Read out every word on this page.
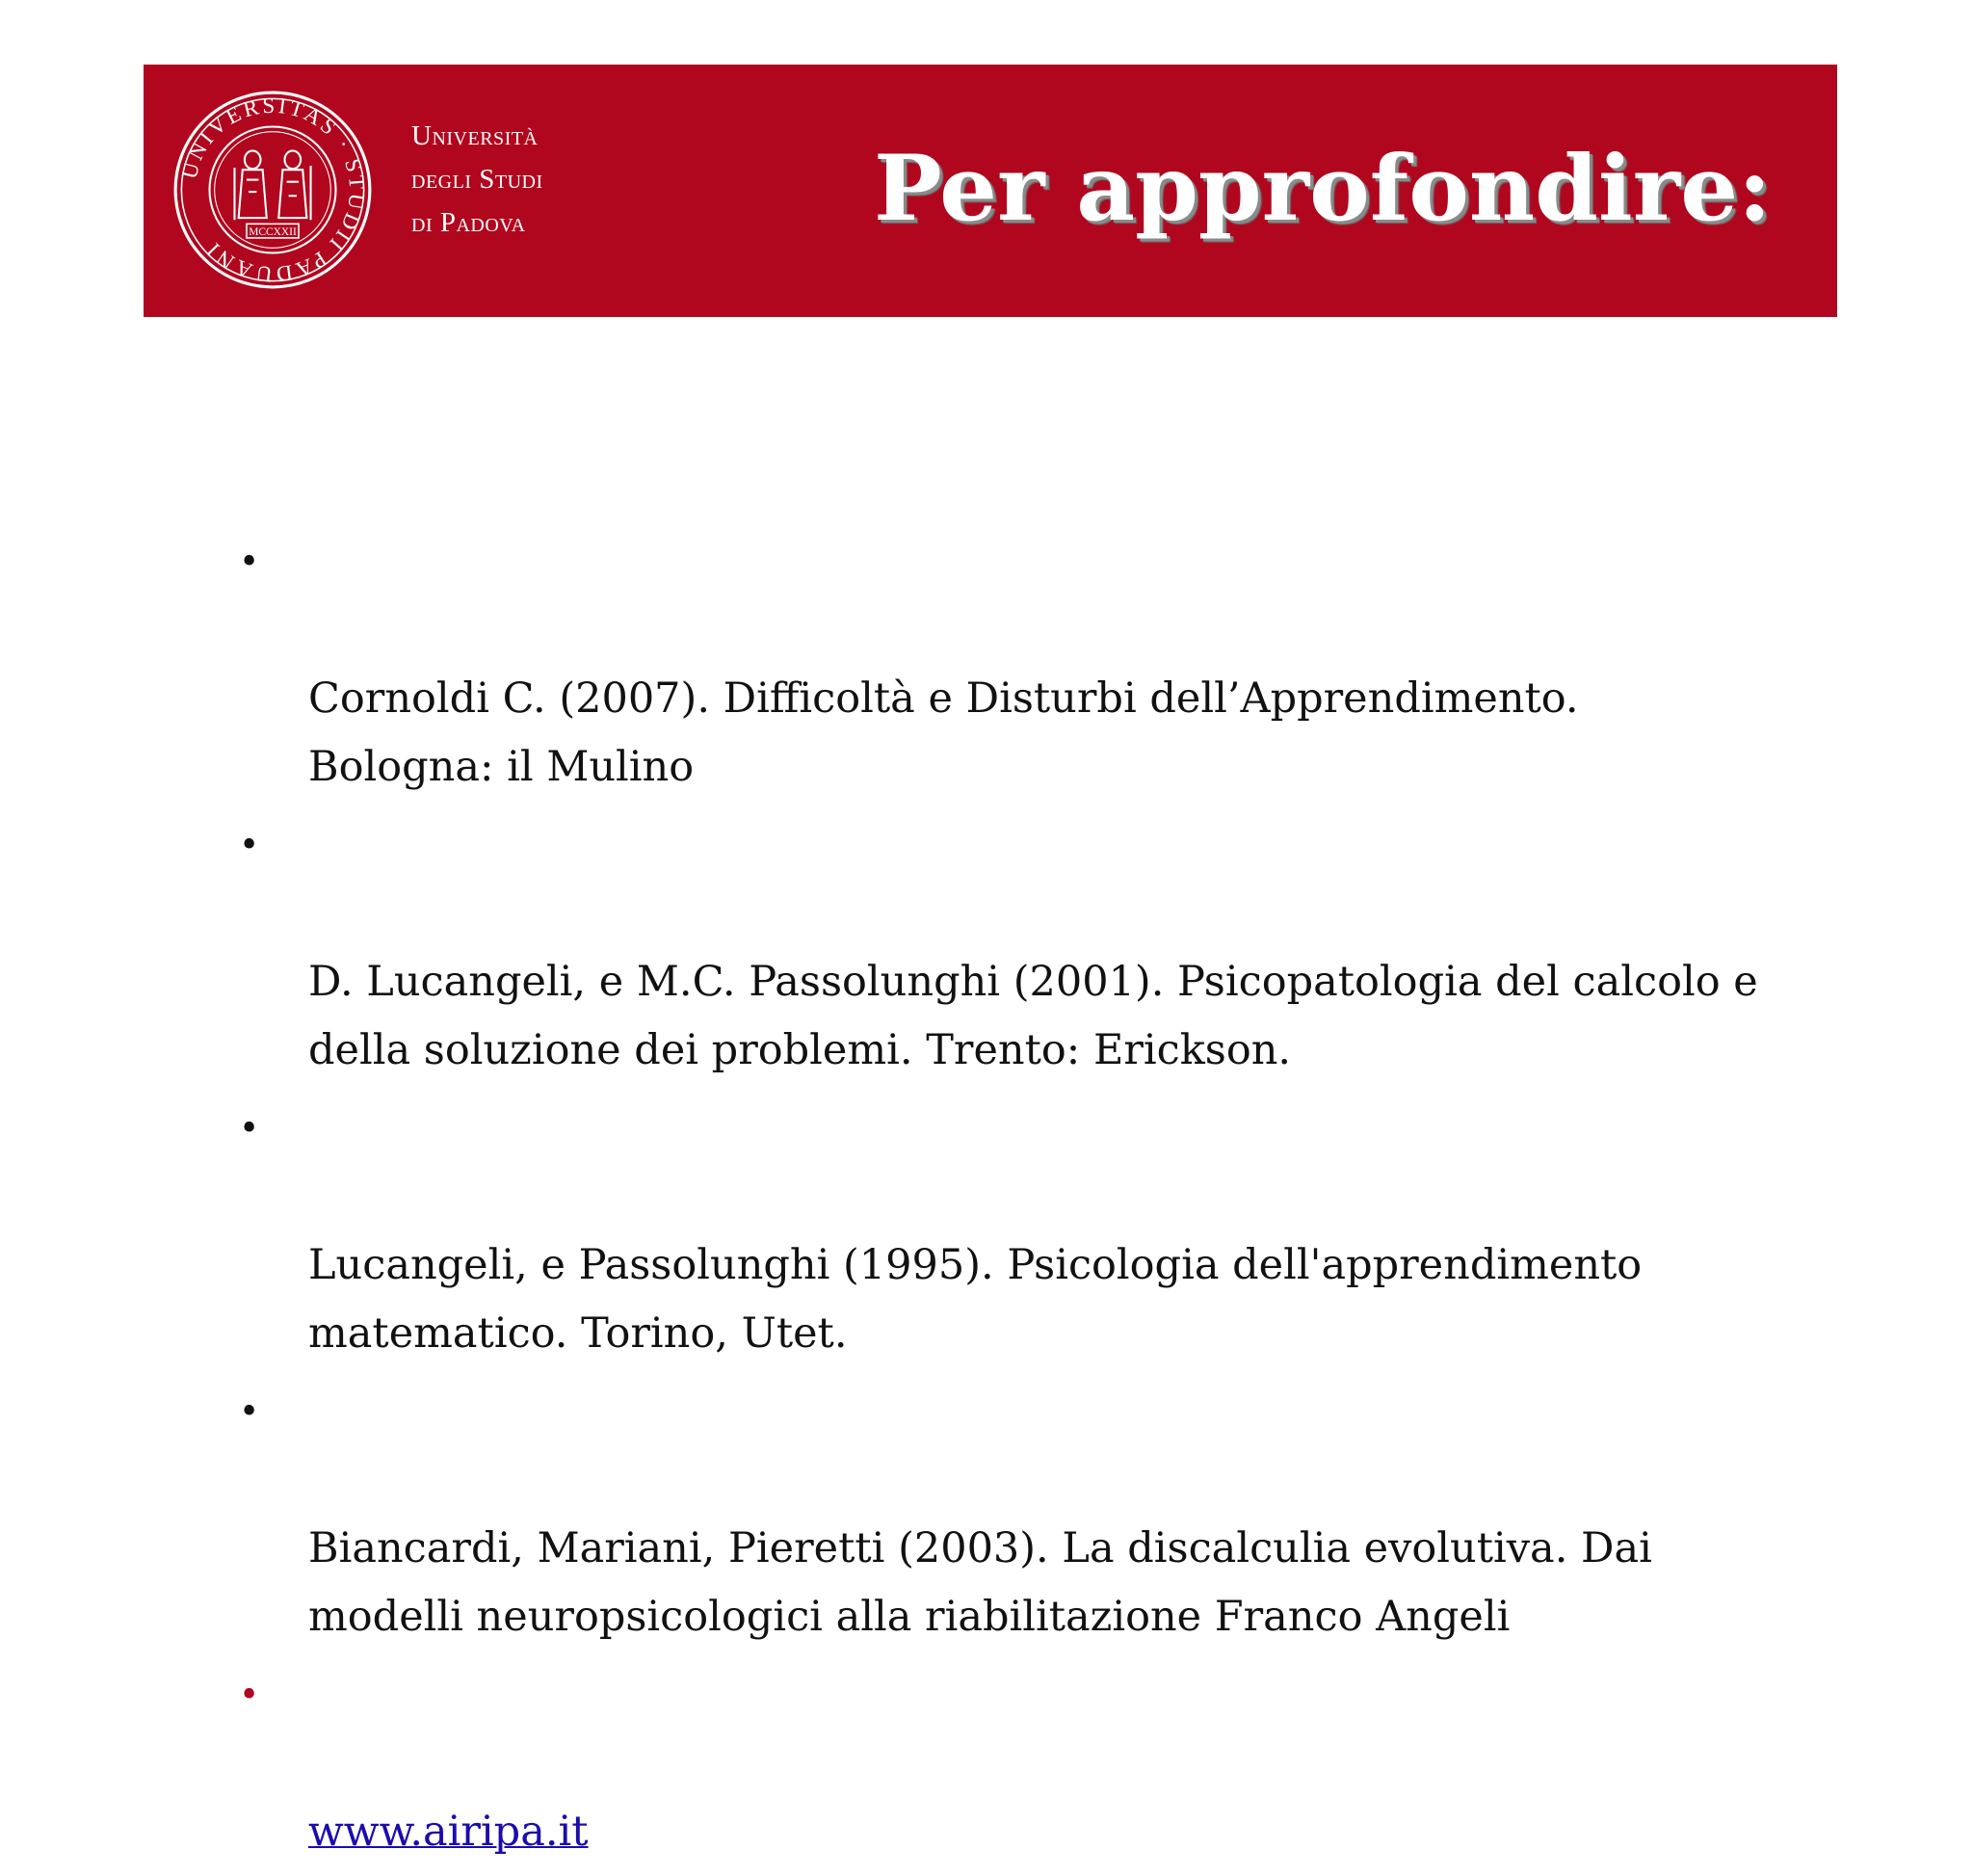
UNIVERSITAS · STUDII PADUANI
MCCXXII
Università
degli Studi
di Padova	Per approfondire:

•

Cornoldi C. (2007). Difficoltà e Disturbi dell’Apprendimento.
Bologna: il Mulino

•

D. Lucangeli, e M.C. Passolunghi (2001). Psicopatologia del calcolo e
della soluzione dei problemi. Trento: Erickson.

•

Lucangeli, e Passolunghi (1995). Psicologia dell'apprendimento
matematico. Torino, Utet.

•

Biancardi, Mariani, Pieretti (2003). La discalculia evolutiva. Dai
modelli neuropsicologici alla riabilitazione Franco Angeli

•

www.airipa.it
